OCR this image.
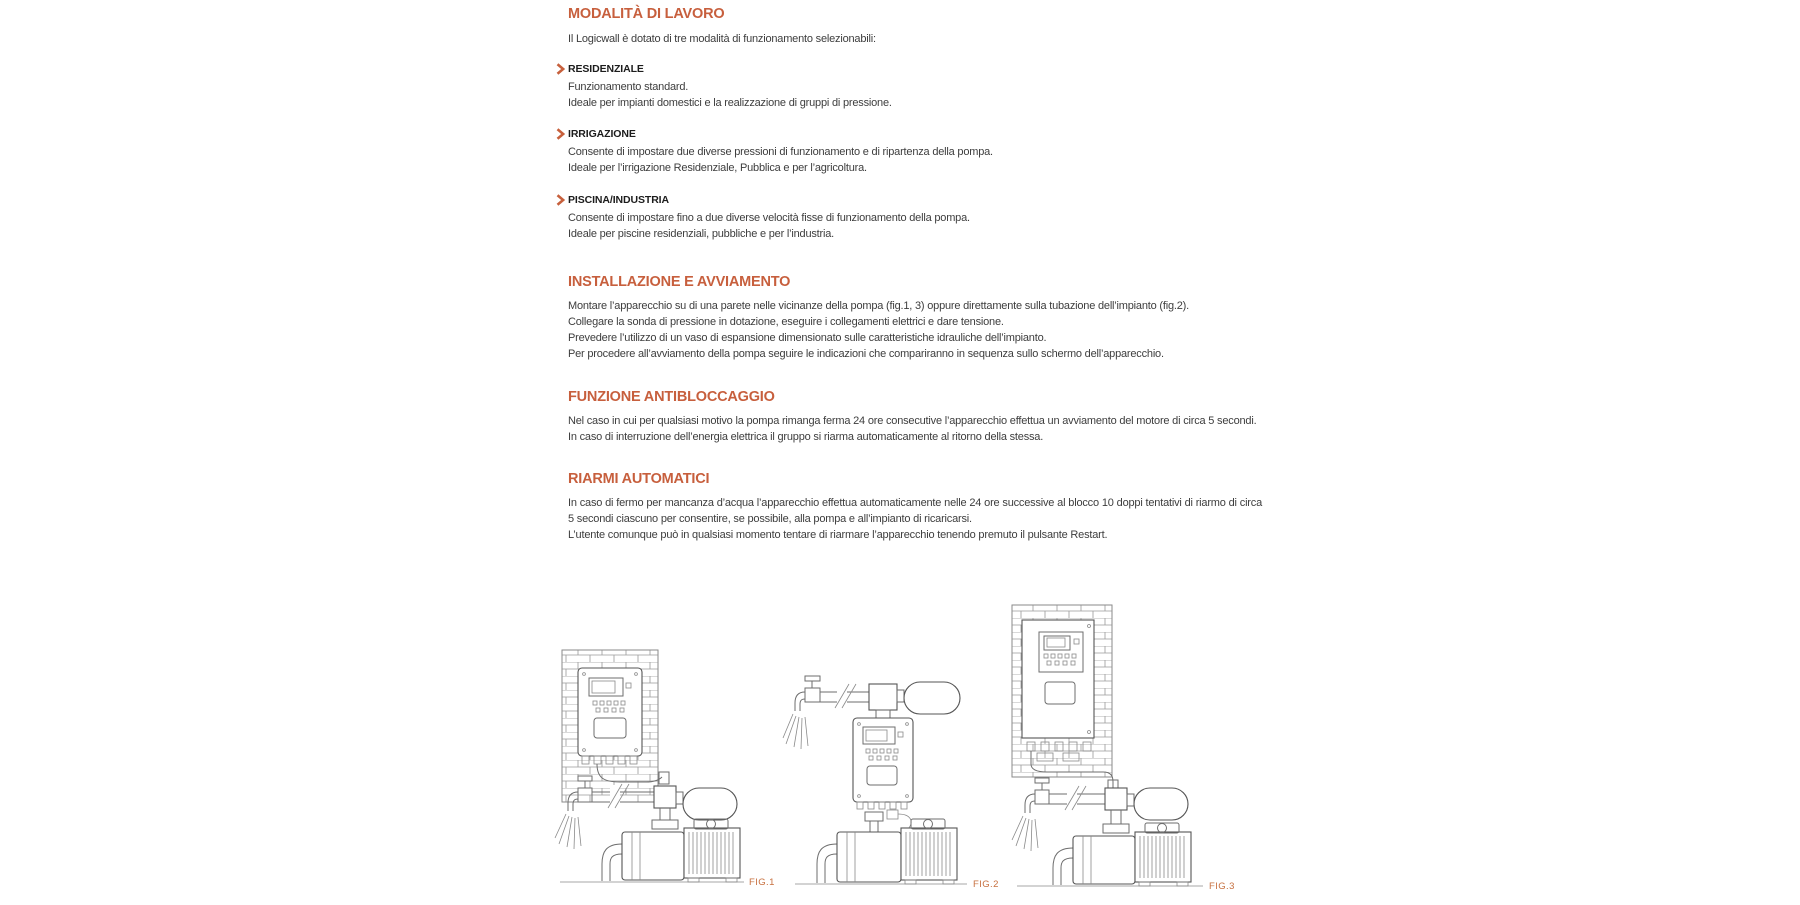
MODALITÀ DI LAVORO
Il Logicwall è dotato di tre modalità di funzionamento selezionabili:
RESIDENZIALE
Funzionamento standard.
Ideale per impianti domestici e la realizzazione di gruppi di pressione.
IRRIGAZIONE
Consente di impostare due diverse pressioni di funzionamento e di ripartenza della pompa.
Ideale per l’irrigazione Residenziale, Pubblica e per l’agricoltura.
PISCINA/INDUSTRIA
Consente di impostare fino a due diverse velocità fisse di funzionamento della pompa.
Ideale per piscine residenziali, pubbliche e per l’industria.
INSTALLAZIONE E AVVIAMENTO
Montare l’apparecchio su di una parete nelle vicinanze della pompa (fig.1, 3) oppure direttamente sulla tubazione dell’impianto (fig.2).
Collegare la sonda di pressione in dotazione, eseguire i collegamenti elettrici e dare tensione.
Prevedere l’utilizzo di un vaso di espansione dimensionato sulle caratteristiche idrauliche dell’impianto.
Per procedere all’avviamento della pompa seguire le indicazioni che compariranno in sequenza sullo schermo dell’apparecchio.
FUNZIONE ANTIBLOCCAGGIO
Nel caso in cui per qualsiasi motivo la pompa rimanga ferma 24 ore consecutive l’apparecchio effettua un avviamento del motore di circa 5 secondi.
In caso di interruzione dell’energia elettrica il gruppo si riarma automaticamente al ritorno della stessa.
RIARMI AUTOMATICI
In caso di fermo per mancanza d’acqua l’apparecchio effettua automaticamente nelle 24 ore successive al blocco 10 doppi tentativi di riarmo di circa 5 secondi ciascuno per consentire, se possibile, alla pompa e all’impianto di ricaricarsi.
L’utente comunque può in qualsiasi momento tentare di riarmare l’apparecchio tenendo premuto il pulsante Restart.
FIG.1	FIG.2	FIG.3
